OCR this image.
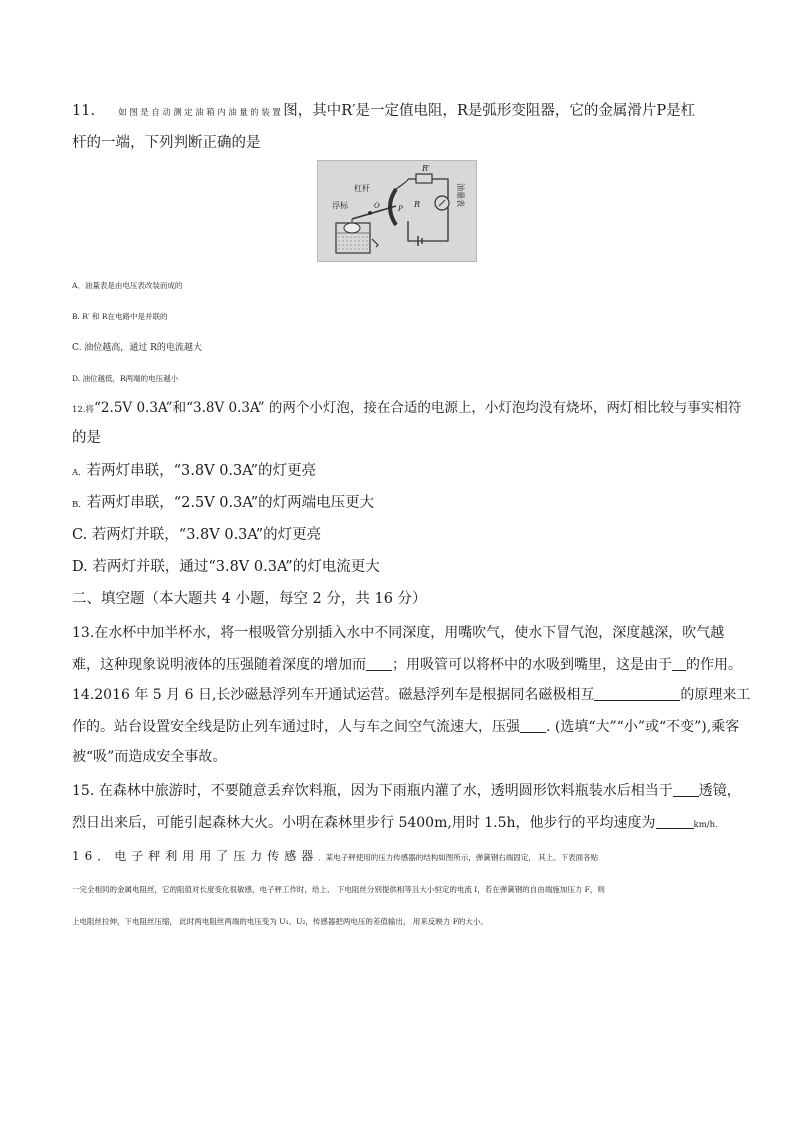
11.	如图是自动测定油箱内油量的装置图，其中R′是一定值电阻，R是弧形变阻器，它的金属滑片P是杠
杆的一端，下列判断正确的是
R′
杠杆
浮标	O	P R	油量表
A．油量表是由电压表改装而成的
B. R′ 和 R在电路中是并联的
C. 油位越高，通过 R的电流越大
D. 油位越低，R两端的电压越小
12.将“2.5V 0.3A”和“3.8V 0.3A” 的两个小灯泡，接在合适的电源上，小灯泡均没有烧坏，两灯相比较与事实相符
的是
A．若两灯串联，“3.8V 0.3A”的灯更亮
B．若两灯串联，“2.5V 0.3A”的灯两端电压更大
C. 若两灯并联，“3.8V 0.3A”的灯更亮
D. 若两灯并联，通过“3.8V 0.3A”的灯电流更大
二、填空题（本大题共 4 小题，每空 2 分，共 16 分）
13.在水杯中加半杯水，将一根吸管分别插入水中不同深度，用嘴吹气，使水下冒气泡，深度越深，吹气越
难，这种现象说明液体的压强随着深度的增加而 ；用吸管可以将杯中的水吸到嘴里，这是由于 的作用。
14.2016 年 5 月 6 日,长沙磁悬浮列车开通试运营。磁悬浮列车是根据同名磁极相互	的原理来工
作的。站台设置安全线是防止列车通过时，人与车之间空气流速大，压强 . (选填“大”“小”或“不变”),乘客
被“吸”而造成安全事故。
15. 在森林中旅游时，不要随意丢弃饮料瓶，因为下雨瓶内灌了水，透明圆形饮料瓶装水后相当于 透镜，
烈日出来后，可能引起森林大火。小明在森林里步行 5400m,用时 1.5h，他步行的平均速度为	km/h．
16．电子秤利用用了压力传感器．某电子秤使用的压力传感器的结构如图所示，弹簧钢右端固定， 其上、下表面各贴
一完全相同的金属电阻丝，它的阻值对长度变化很敏感，电子秤工作时，给上、 下电阻丝分别提供相等且大小恒定的电流 I，若在弹簧钢的自由端施加压力 F，则
上电阻丝拉伸，下电阻丝压缩， 此时两电阻丝两端的电压变为 U₁、U₂，传感器把两电压的差值输出， 用来反映力 F的大小。
